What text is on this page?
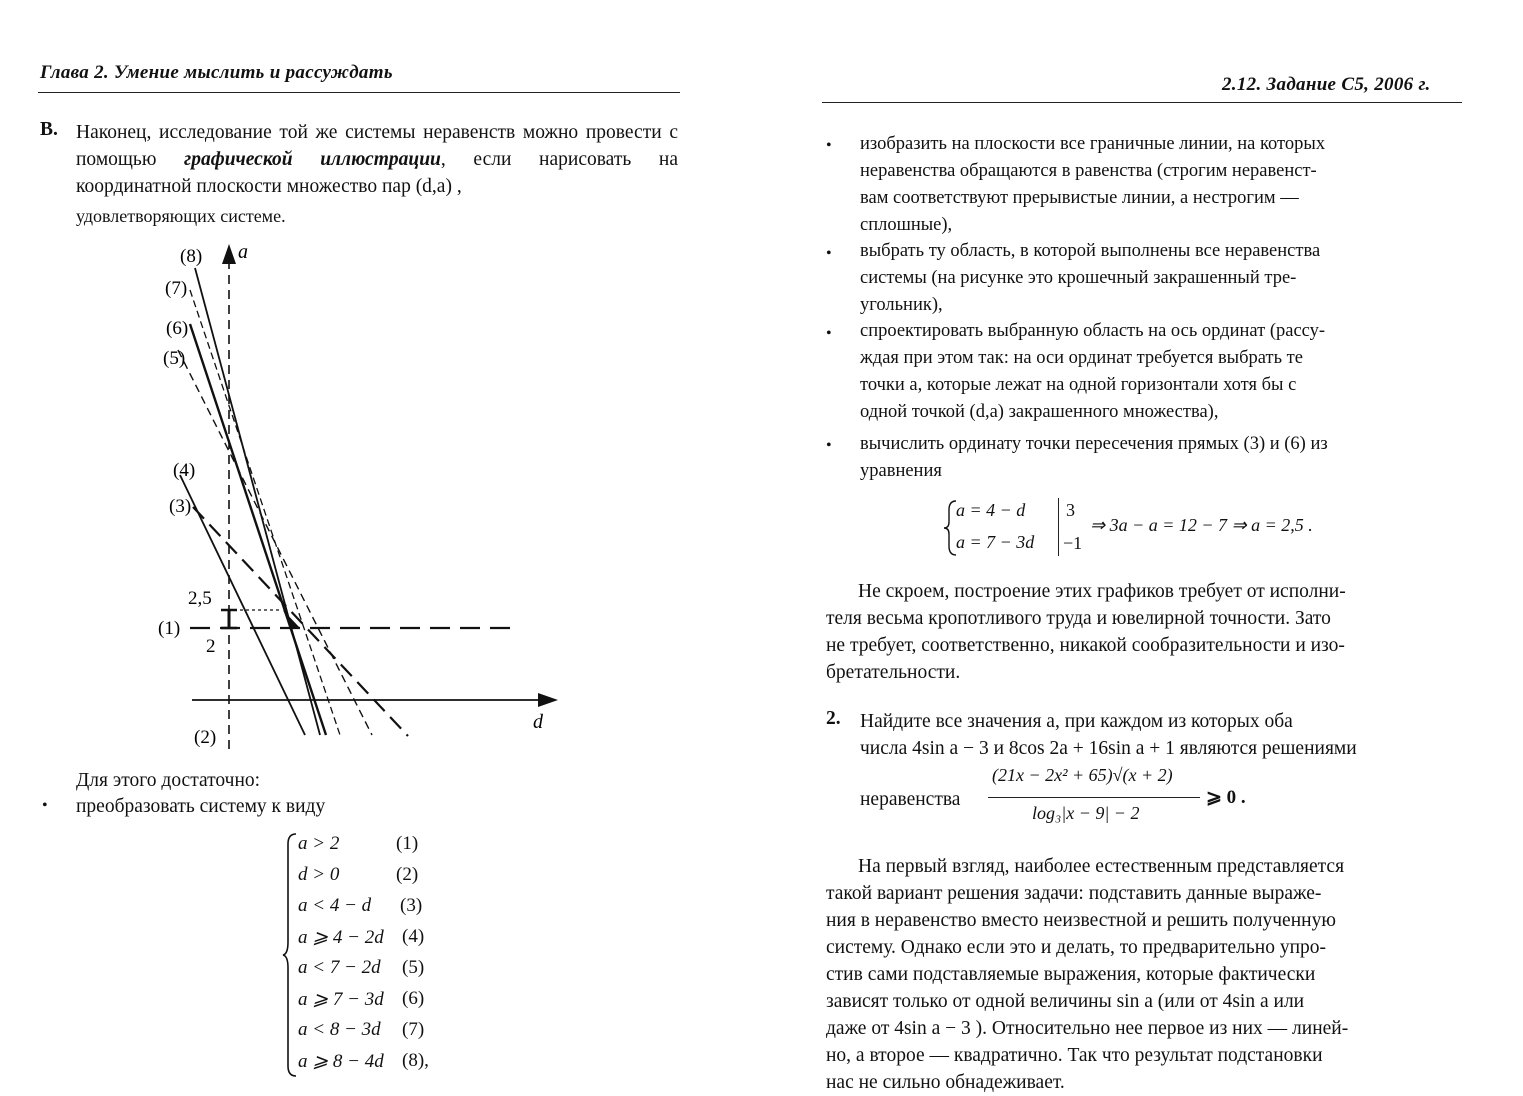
Глава 2. Умение мыслить и рассуждать
В. Наконец, исследование той же системы неравенств можно провести с помощью графической иллюстрации, если нарисовать на координатной плоскости множество пар (d,a) ,
удовлетворяющих системе.
(8) a
(7)
(6)
(5)
(4)
(3)
2,5
(1)
2
(2)
d
Для этого достаточно:
• преобразовать систему к виду
a > 2	(1)
d > 0	(2)
a < 4 − d (3)
a ⩾ 4 − 2d (4)
a < 7 − 2d (5)
a ⩾ 7 − 3d (6)
a < 8 − 3d (7)
a ⩾ 8 − 4d (8),
2.12. Задание С5, 2006 г.
• изобразить на плоскости все граничные линии, на которых
неравенства обращаются в равенства (строгим неравенст-
вам соответствуют прерывистые линии, а нестрогим —
сплошные),
• выбрать ту область, в которой выполнены все неравенства
системы (на рисунке это крошечный закрашенный тре-
угольник),
• спроектировать выбранную область на ось ординат (рассу-
ждая при этом так: на оси ординат требуется выбрать те
точки a, которые лежат на одной горизонтали хотя бы с
одной точкой (d,a) закрашенного множества),
• вычислить ординату точки пересечения прямых (3) и (6) из
уравнения
a = 4 − d
a = 7 − 3d
3
−1
⇒ 3a − a = 12 − 7 ⇒ a = 2,5 .
Не скроем, построение этих графиков требует от исполни-
теля весьма кропотливого труда и ювелирной точности. Зато
не требует, соответственно, никакой сообразительности и изо-
бретательности.
2. Найдите все значения a, при каждом из которых оба
числа 4sin a − 3 и 8cos 2a + 16sin a + 1 являются решениями
неравенства
(21x − 2x² + 65)√(x + 2)
log₃|x − 9| − 2
⩾ 0 .
На первый взгляд, наиболее естественным представляется
такой вариант решения задачи: подставить данные выраже-
ния в неравенство вместо неизвестной и решить полученную
систему. Однако если это и делать, то предварительно упро-
стив сами подставляемые выражения, которые фактически
зависят только от одной величины sin a (или от 4sin a или
даже от 4sin a − 3 ). Относительно нее первое из них — линей-
но, а второе — квадратично. Так что результат подстановки
нас не сильно обнадеживает.
